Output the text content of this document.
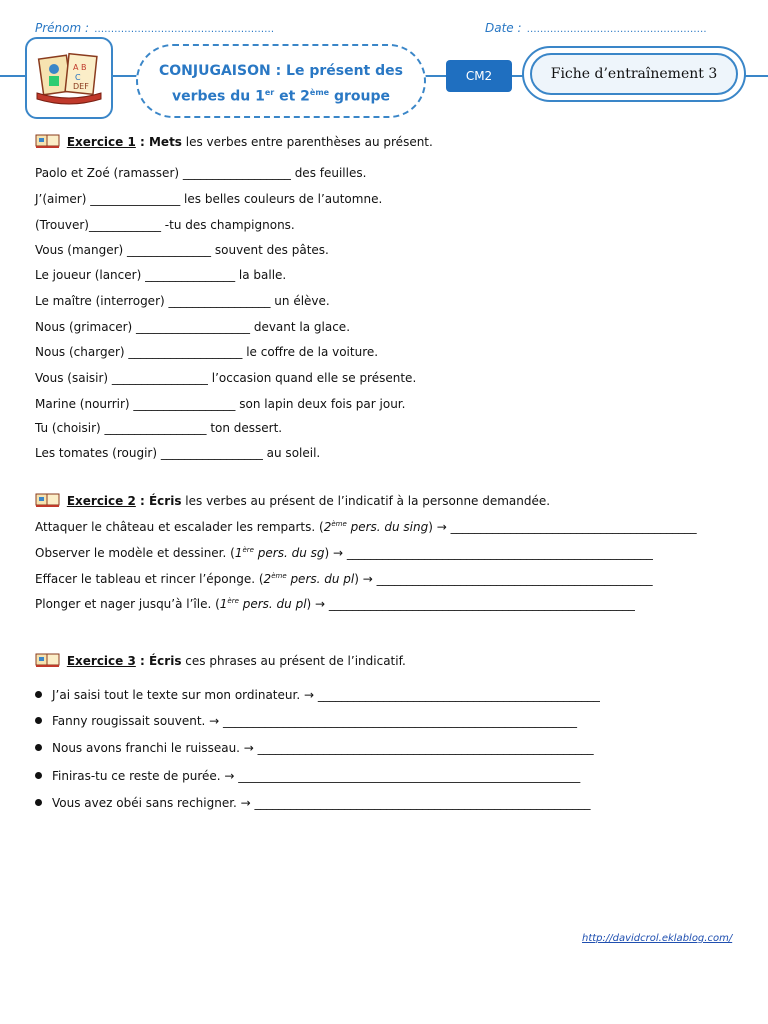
Prénom : ………………………………………………	Date : ………………………………………………
A B
C
DEF
CONJUGAISON : Le présent des
verbes du 1er et 2ème groupe
CM2	Fiche d’entraînement 3
Exercice 1 : Mets les verbes entre parenthèses au présent.
Paolo et Zoé (ramasser) __________________ des feuilles.
J’(aimer) _______________ les belles couleurs de l’automne.
(Trouver)____________ -tu des champignons.
Vous (manger) ______________ souvent des pâtes.
Le joueur (lancer) _______________ la balle.
Le maître (interroger) _________________ un élève.
Nous (grimacer) ___________________ devant la glace.
Nous (charger) ___________________ le coffre de la voiture.
Vous (saisir) ________________ l’occasion quand elle se présente.
Marine (nourrir) _________________ son lapin deux fois par jour.
Tu (choisir) _________________ ton dessert.
Les tomates (rougir) _________________ au soleil.
Exercice 2 : Écris les verbes au présent de l’indicatif à la personne demandée.
Attaquer le château et escalader les remparts. (2ème pers. du sing) → _________________________________________
Observer le modèle et dessiner. (1ère pers. du sg) → ___________________________________________________
Effacer le tableau et rincer l’éponge. (2ème pers. du pl) → ______________________________________________
Plonger et nager jusqu’à l’île. (1ère pers. du pl) → ___________________________________________________
Exercice 3 : Écris ces phrases au présent de l’indicatif.
J’ai saisi tout le texte sur mon ordinateur. → _______________________________________________
Fanny rougissait souvent. → ___________________________________________________________
Nous avons franchi le ruisseau. → ________________________________________________________
Finiras-tu ce reste de purée. → _________________________________________________________
Vous avez obéi sans rechigner. → ________________________________________________________
http://davidcrol.eklablog.com/
